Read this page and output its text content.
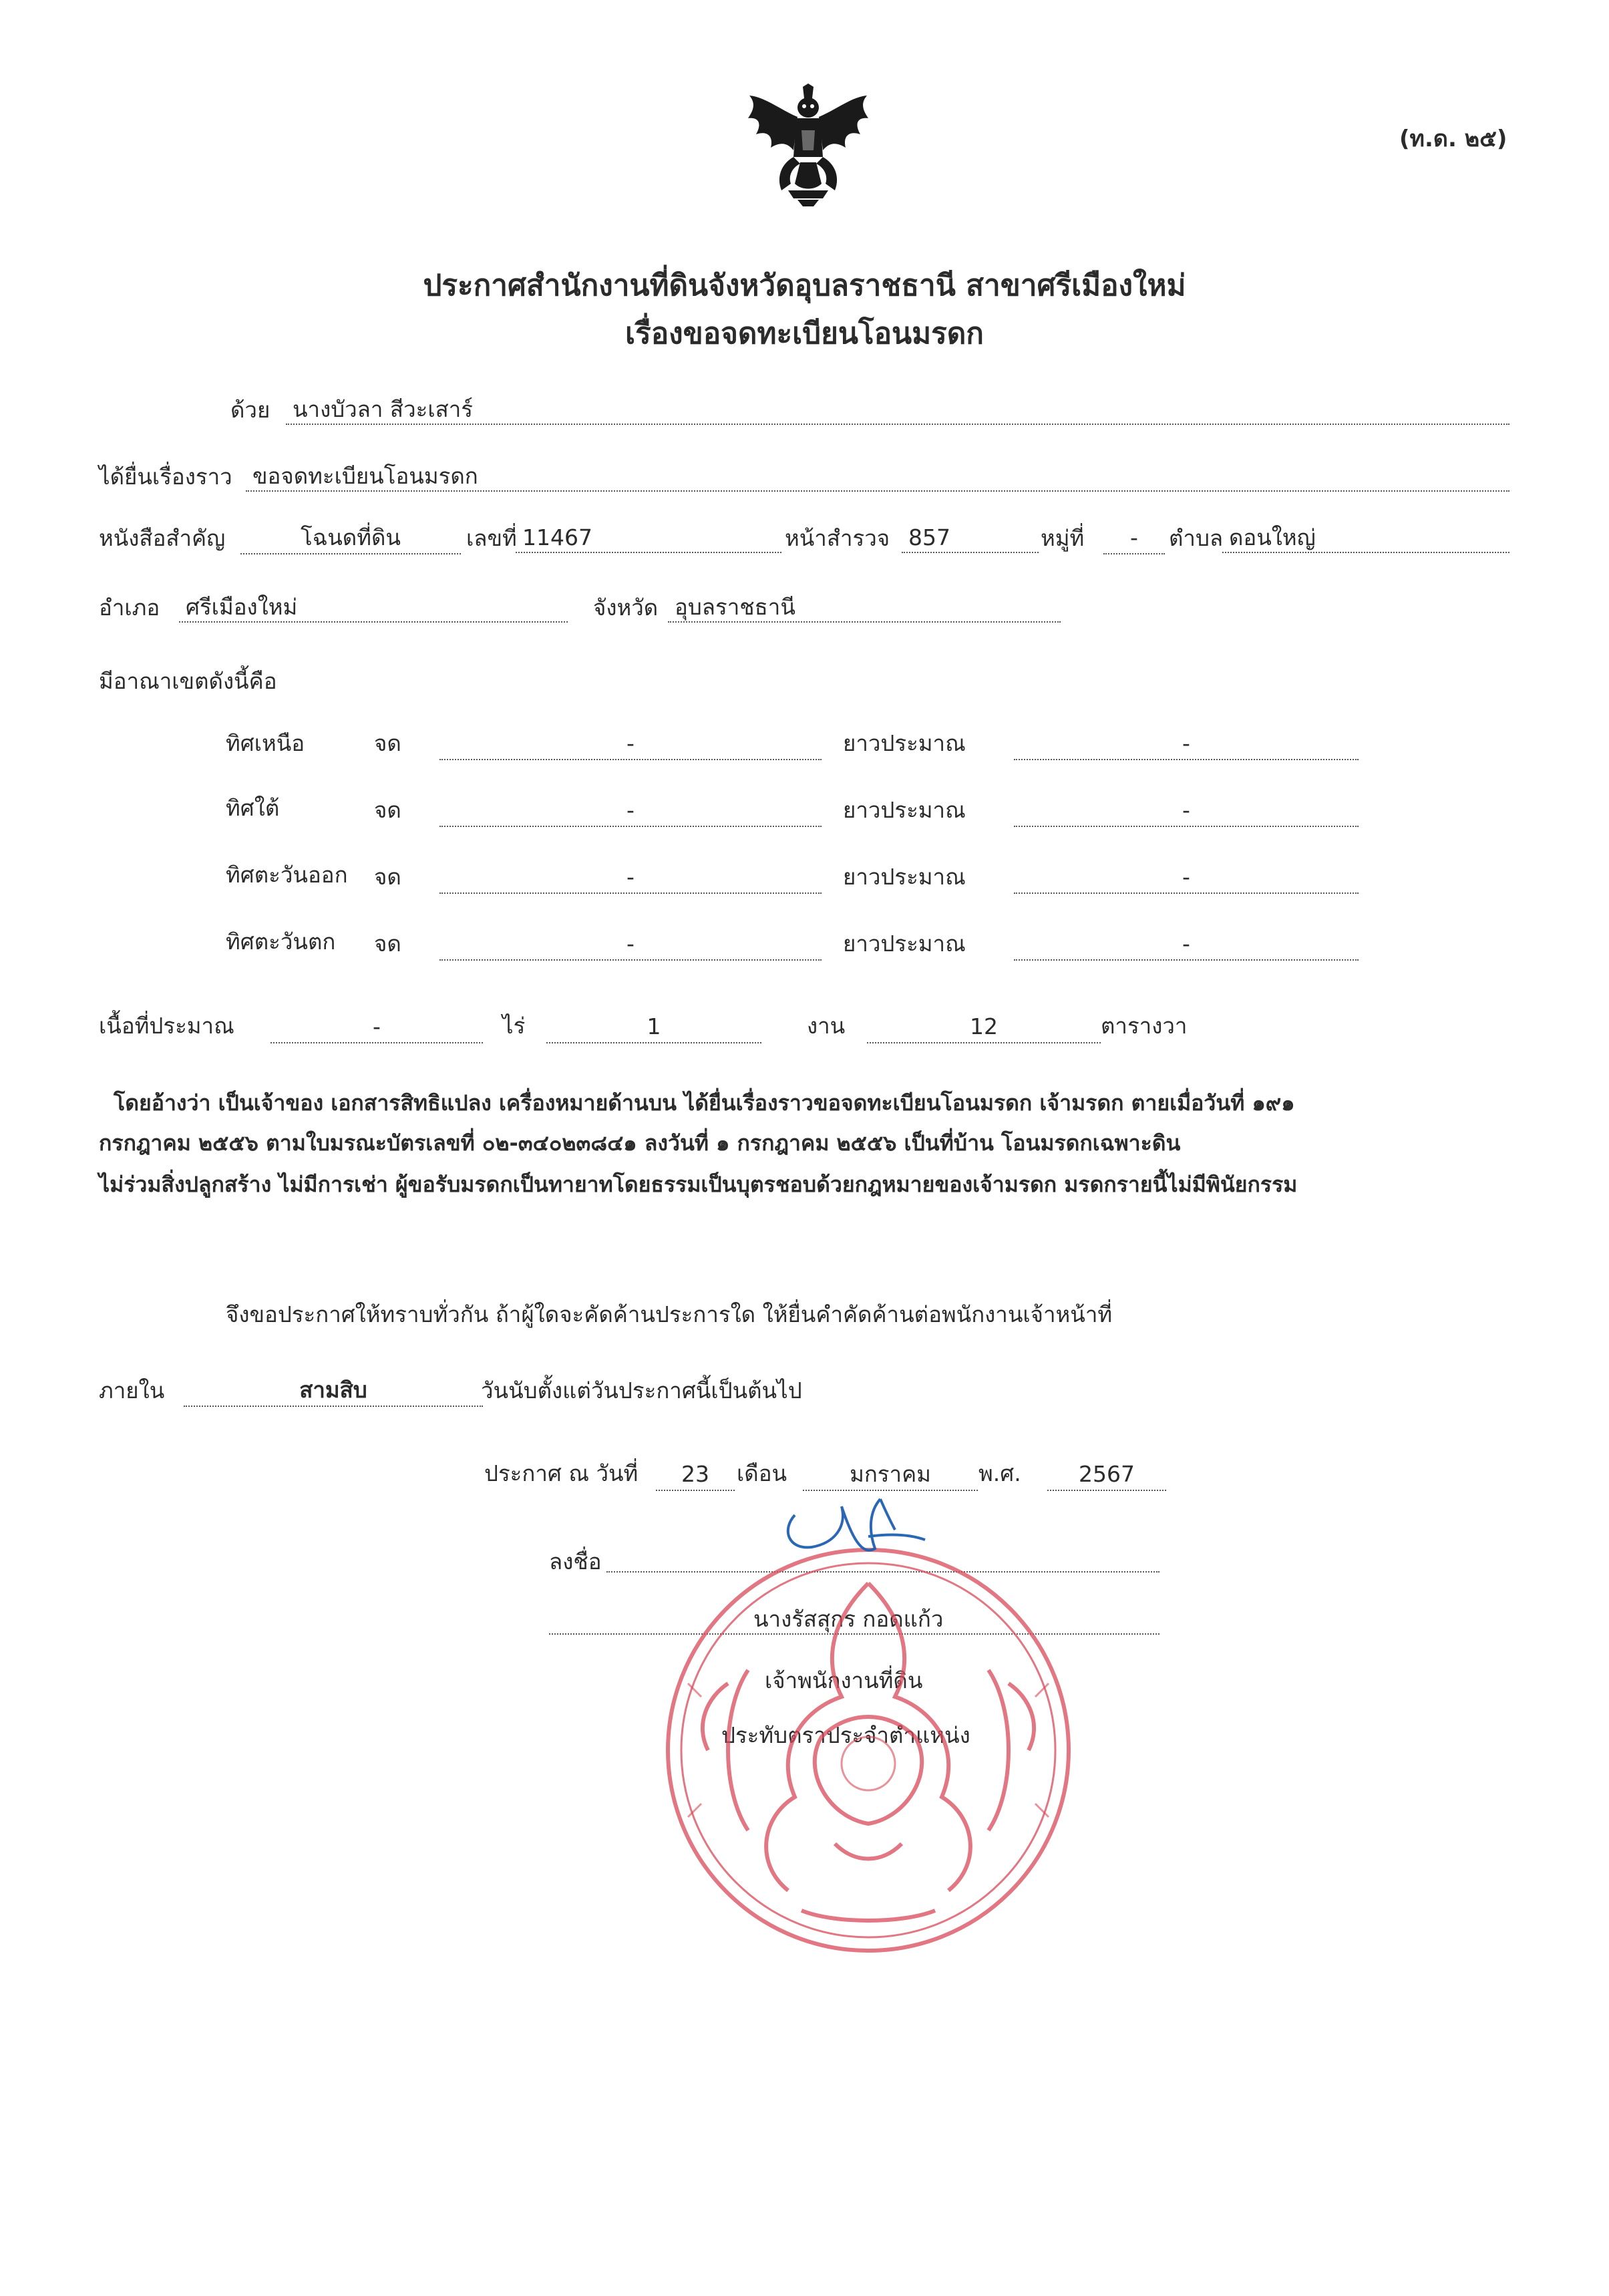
(ท.ด. ๒๕)
ประกาศสำนักงานที่ดินจังหวัดอุบลราชธานี สาขาศรีเมืองใหม่
เรื่องขอจดทะเบียนโอนมรดก
ด้วย	นางบัวลา สีวะเสาร์
ได้ยื่นเรื่องราว ขอจดทะเบียนโอนมรดก
หนังสือสำคัญ	โฉนดที่ดิน	เลขที่ 11467	หน้าสำรวจ 857	หมู่ที่	-	ตำบล ดอนใหญ่
อำเภอ	ศรีเมืองใหม่	จังหวัด อุบลราชธานี
มีอาณาเขตดังนี้คือ
ทิศเหนือ	จด	-	ยาวประมาณ	-
ทิศใต้	จด	-	ยาวประมาณ	-
ทิศตะวันออก จด	-	ยาวประมาณ	-
ทิศตะวันตก จด	-	ยาวประมาณ	-
เนื้อที่ประมาณ	-	ไร่	1	งาน	12	ตารางวา
โดยอ้างว่า เป็นเจ้าของ เอกสารสิทธิแปลง เครื่องหมายด้านบน ได้ยื่นเรื่องราวขอจดทะเบียนโอนมรดก เจ้ามรดก ตายเมื่อวันที่ ๑๙๑
กรกฎาคม ๒๕๕๖ ตามใบมรณะบัตรเลขที่ ๐๒-๓๔๐๒๓๘๔๑ ลงวันที่ ๑ กรกฎาคม ๒๕๕๖ เป็นที่บ้าน โอนมรดกเฉพาะดิน
ไม่ร่วมสิ่งปลูกสร้าง ไม่มีการเช่า ผู้ขอรับมรดกเป็นทายาทโดยธรรมเป็นบุตรชอบด้วยกฎหมายของเจ้ามรดก มรดกรายนี้ไม่มีพินัยกรรม
จึงขอประกาศให้ทราบทั่วกัน ถ้าผู้ใดจะคัดค้านประการใด ให้ยื่นคำคัดค้านต่อพนักงานเจ้าหน้าที่
ภายใน	สามสิบ	วันนับตั้งแต่วันประกาศนี้เป็นต้นไป
ประกาศ ณ วันที่	23	เดือน	มกราคม	พ.ศ.	2567
ลงชื่อ
นางรัสสุกร กอดแก้ว
เจ้าพนักงานที่ดิน
ประทับตราประจำตำแหน่ง
